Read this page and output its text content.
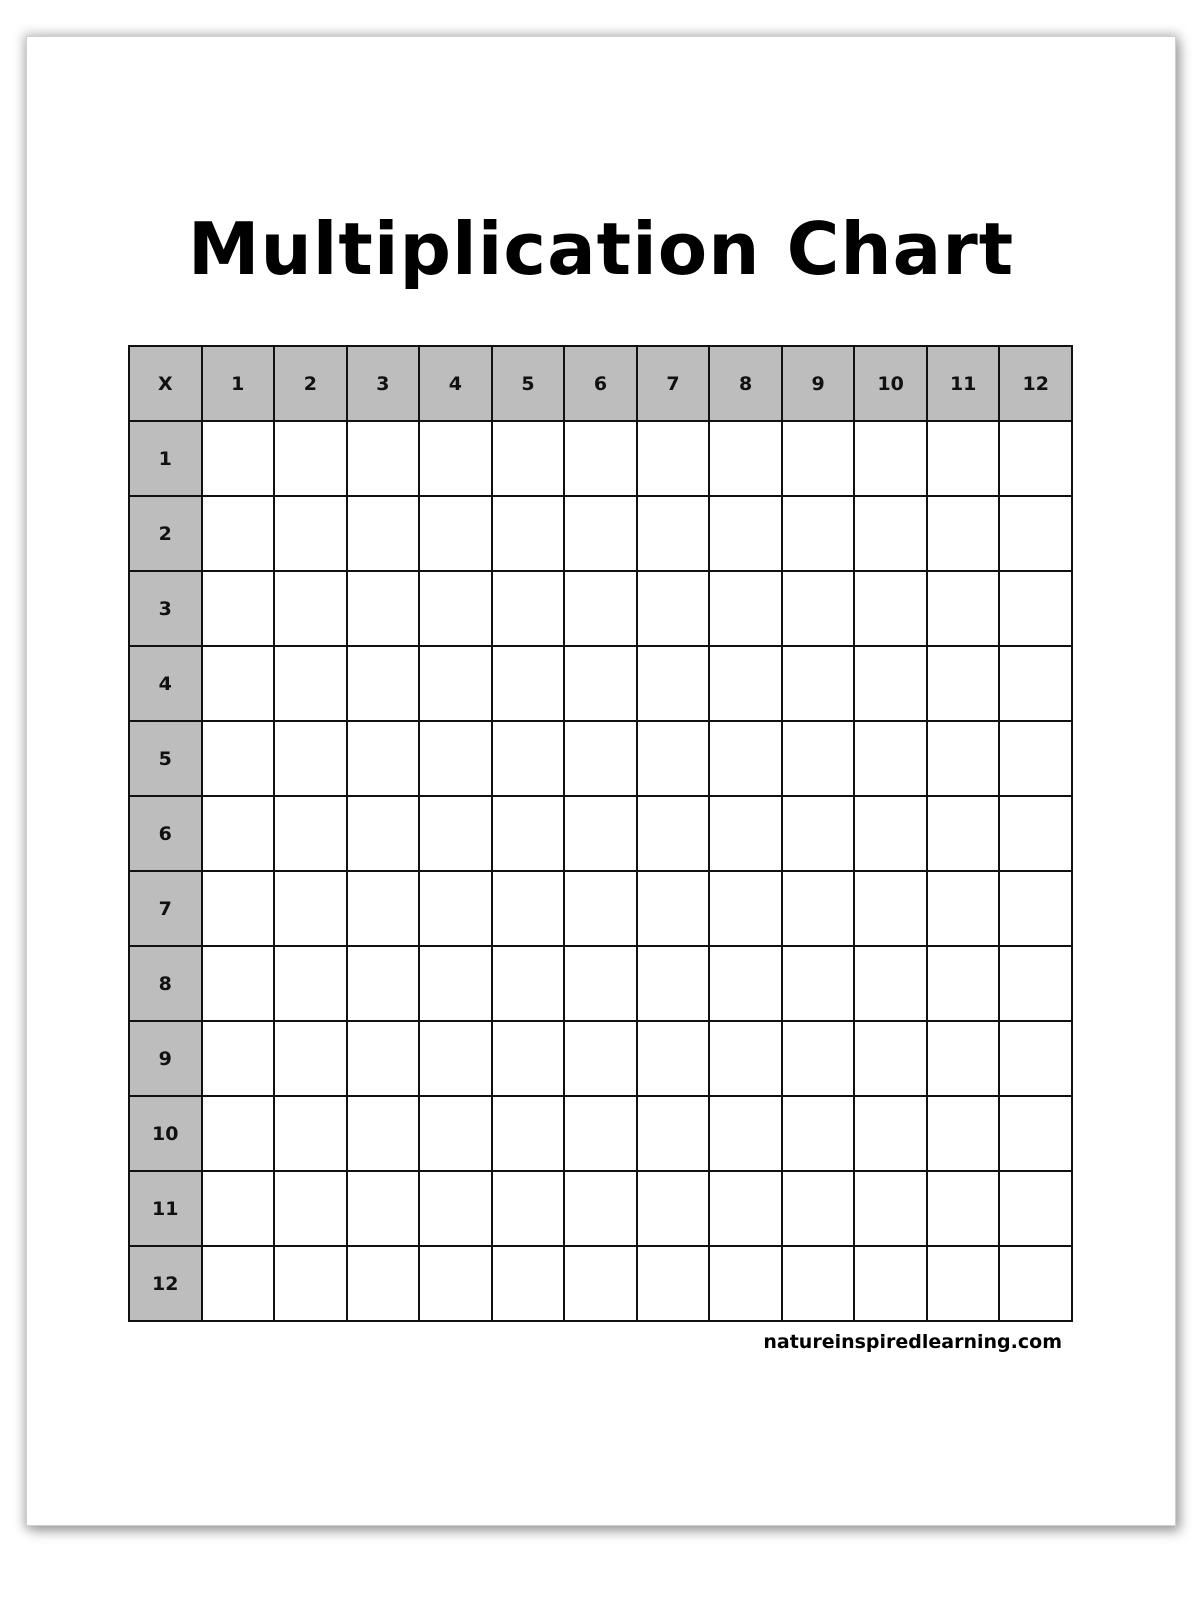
Multiplication Chart
X	1	2	3	4	5	6	7	8	9	10	11	12
1
2
3
4
5
6
7
8
9
10
11
12
natureinspiredlearning.com
